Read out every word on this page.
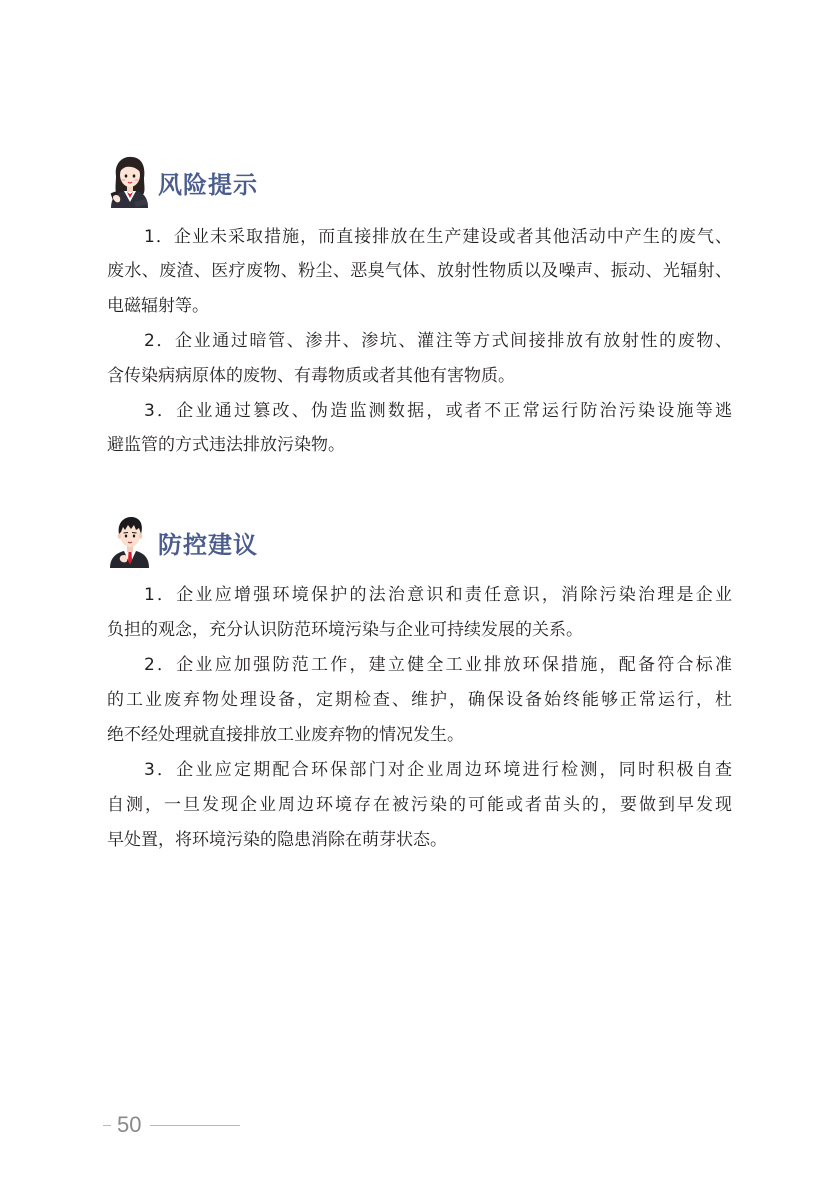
风险提示

1．企业未采取措施，而直接排放在生产建设或者其他活动中产生的废气、
废水、废渣、医疗废物、粉尘、恶臭气体、放射性物质以及噪声、振动、光辐射、
电磁辐射等。

2．企业通过暗管、渗井、渗坑、灌注等方式间接排放有放射性的废物、
含传染病病原体的废物、有毒物质或者其他有害物质。

3．企业通过篡改、伪造监测数据，或者不正常运行防治污染设施等逃
避监管的方式违法排放污染物。

防控建议

1．企业应增强环境保护的法治意识和责任意识，消除污染治理是企业
负担的观念，充分认识防范环境污染与企业可持续发展的关系。

2．企业应加强防范工作，建立健全工业排放环保措施，配备符合标准
的工业废弃物处理设备，定期检查、维护，确保设备始终能够正常运行，杜
绝不经处理就直接排放工业废弃物的情况发生。

3．企业应定期配合环保部门对企业周边环境进行检测，同时积极自查
自测，一旦发现企业周边环境存在被污染的可能或者苗头的，要做到早发现
早处置，将环境污染的隐患消除在萌芽状态。

50
